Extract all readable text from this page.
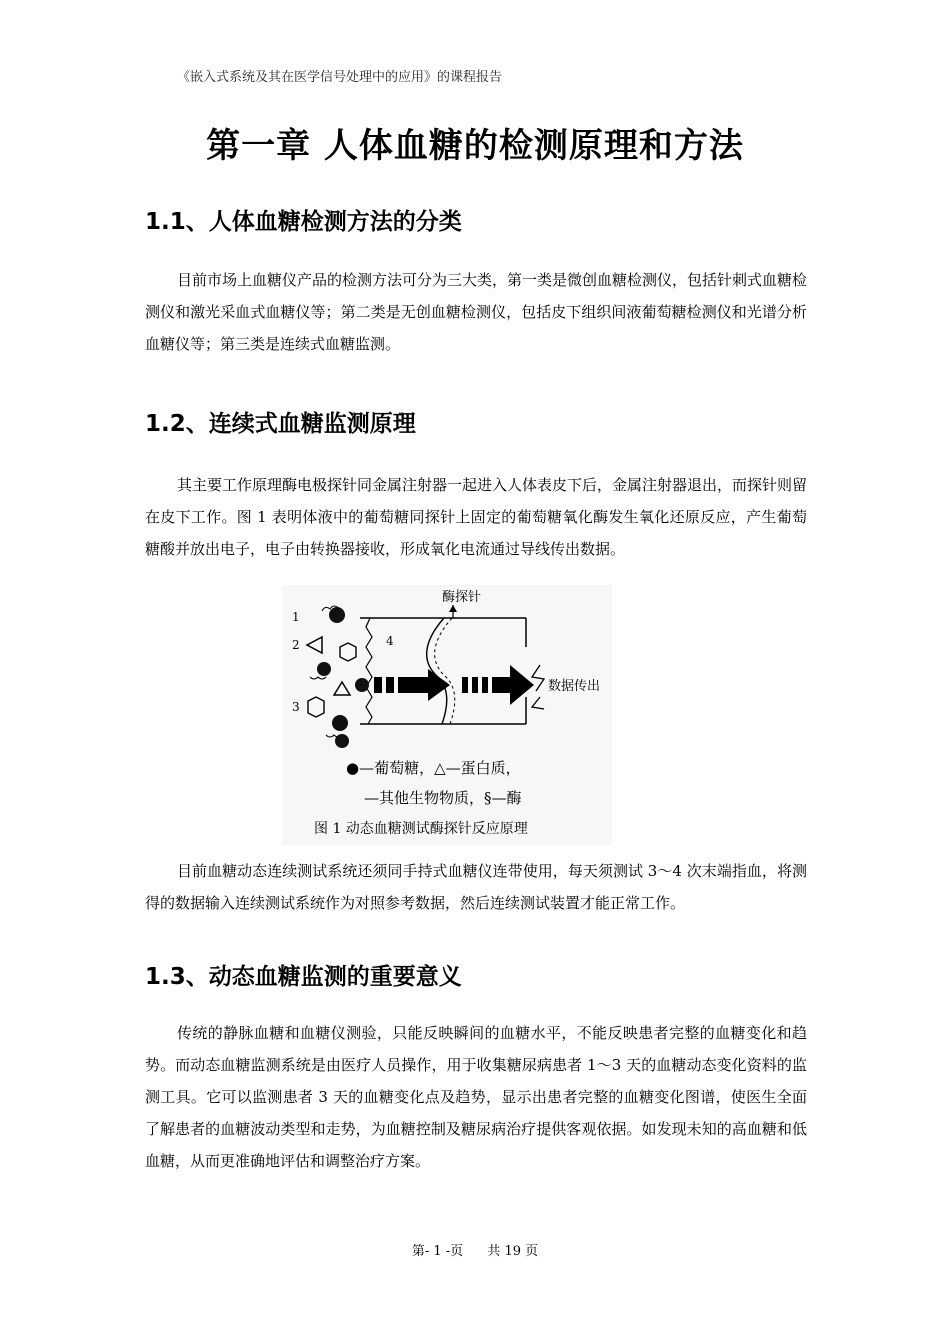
《嵌入式系统及其在医学信号处理中的应用》的课程报告
第一章 人体血糖的检测原理和方法
1.1、人体血糖检测方法的分类
目前市场上血糖仪产品的检测方法可分为三大类，第一类是微创血糖检测仪，包括针刺式血糖检测仪和激光采血式血糖仪等；第二类是无创血糖检测仪，包括皮下组织间液葡萄糖检测仪和光谱分析血糖仪等；第三类是连续式血糖监测。
1.2、连续式血糖监测原理
其主要工作原理酶电极探针同金属注射器一起进入人体表皮下后，金属注射器退出，而探针则留在皮下工作。图 1 表明体液中的葡萄糖同探针上固定的葡萄糖氧化酶发生氧化还原反应，产生葡萄糖酸并放出电子，电子由转换器接收，形成氧化电流通过导线传出数据。
酶探针
4
1
2
3
数据传出
●—葡萄糖，△—蛋白质，
—其他生物物质，§—酶
图 1 动态血糖测试酶探针反应原理
目前血糖动态连续测试系统还须同手持式血糖仪连带使用，每天须测试 3～4 次末端指血，将测得的数据输入连续测试系统作为对照参考数据，然后连续测试装置才能正常工作。
1.3、动态血糖监测的重要意义
传统的静脉血糖和血糖仪测验，只能反映瞬间的血糖水平，不能反映患者完整的血糖变化和趋势。而动态血糖监测系统是由医疗人员操作，用于收集糖尿病患者 1～3 天的血糖动态变化资料的监测工具。它可以监测患者 3 天的血糖变化点及趋势，显示出患者完整的血糖变化图谱，使医生全面了解患者的血糖波动类型和走势，为血糖控制及糖尿病治疗提供客观依据。如发现未知的高血糖和低血糖，从而更准确地评估和调整治疗方案。
第- 1 -页 共 19 页
